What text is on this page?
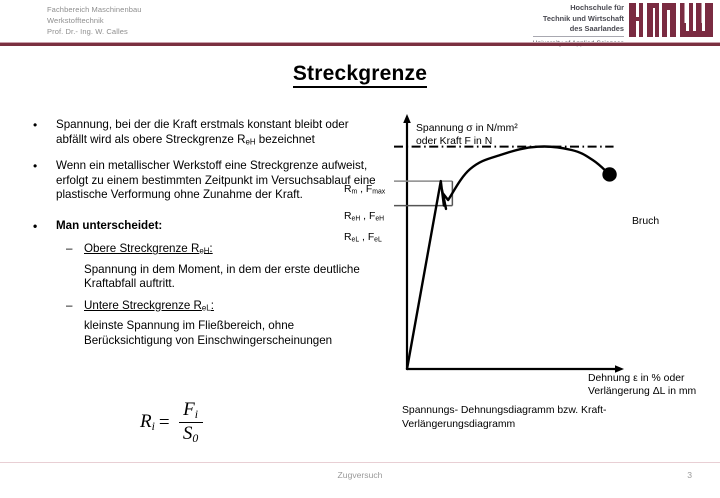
Fachbereich Maschinenbau
Werkstofftechnik
Prof. Dr.- Ing. W. Calles
Hochschule für
Technik und Wirtschaft
des Saarlandes
Streckgrenze
• Spannung, bei der die Kraft erstmals konstant bleibt oder abfällt wird als obere Streckgrenze $R_{eH}$ bezeichnet
• Wenn ein metallischer Werkstoff eine Streckgrenze aufweist, erfolgt zu einem bestimmten Zeitpunkt im Versuchsablauf eine plastische Verformung ohne Zunahme der Kraft.
• Man unterscheidet:
– Obere Streckgrenze $R_{eH}$:
Spannung in dem Moment, in dem der erste deutliche Kraftabfall auftritt.
– Untere Streckgrenze $R_{eL}$:
kleinste Spannung im Fließbereich, ohne Berücksichtigung von Einschwingerscheinungen
$R_i = \frac{F_i}{S_0}$
Spannung σ in N/mm²
oder Kraft F in N
$R_m$ , $F_{max}$
$R_{eH}$ , $F_{eH}$
$R_{eL}$ , $F_{eL}$
Bruch
Dehnung ε in % oder
Verlängerung ΔL in mm
Spannungs- Dehnungsdiagramm bzw. Kraft-Verlängerungsdiagramm
Zugversuch	3
